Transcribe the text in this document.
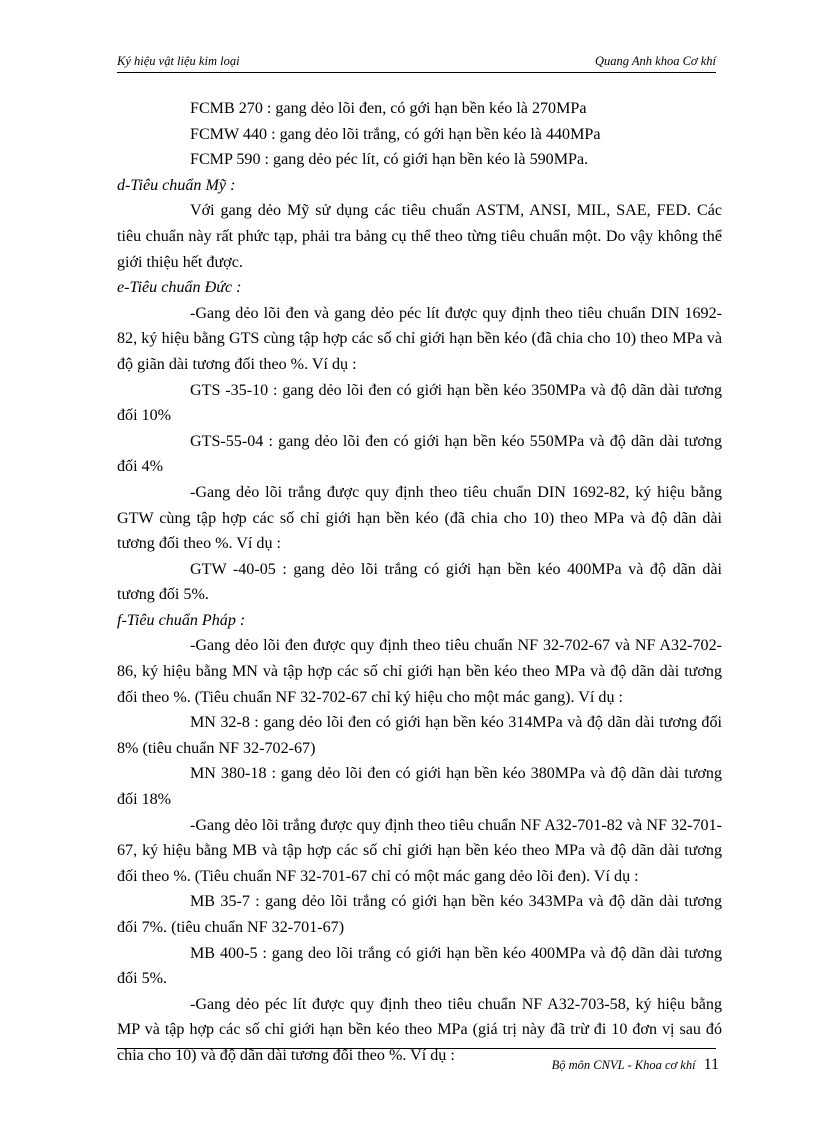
Ký hiệu vật liệu kim loại	Quang Anh khoa Cơ khí

FCMB 270 : gang dẻo lõi đen, có gới hạn bền kéo là 270MPa

FCMW 440 : gang dẻo lõi trắng, có gới hạn bền kéo là 440MPa

FCMP 590 : gang dẻo péc lít, có giới hạn bền kéo là 590MPa.

d-Tiêu chuẩn Mỹ :

Với gang dẻo Mỹ sử dụng các tiêu chuẩn ASTM, ANSI, MIL, SAE, FED. Các tiêu chuẩn này rất phức tạp, phải tra bảng cụ thể theo từng tiêu chuẩn một. Do vậy không thể giới thiệu hết được.

e-Tiêu chuẩn Đức :

-Gang dẻo lõi đen và gang dẻo péc lít được quy định theo tiêu chuẩn DIN 1692-82, ký hiệu bằng GTS cùng tập hợp các số chỉ giới hạn bền kéo (đã chia cho 10) theo MPa và độ giãn dài tương đối theo %. Ví dụ :

GTS -35-10 : gang dẻo lõi đen có giới hạn bền kéo 350MPa và độ dãn dài tương đối 10%

GTS-55-04 : gang dẻo lõi đen có giới hạn bền kéo 550MPa và độ dãn dài tương đối 4%

-Gang dẻo lõi trắng được quy định theo tiêu chuẩn DIN 1692-82, ký hiệu bằng GTW cùng tập hợp các số chỉ giới hạn bền kéo (đã chia cho 10) theo MPa và độ dãn dài tương đối theo %. Ví dụ :

GTW -40-05 : gang dẻo lõi trắng có giới hạn bền kéo 400MPa và độ dãn dài tương đối 5%.

f-Tiêu chuẩn Pháp :

-Gang dẻo lõi đen được quy định theo tiêu chuẩn NF 32-702-67 và NF A32-702-86, ký hiệu bằng MN và tập hợp các số chỉ giới hạn bền kéo theo MPa và độ dãn dài tương đối theo %. (Tiêu chuẩn NF 32-702-67 chỉ ký hiệu cho một mác gang). Ví dụ :

MN 32-8 : gang dẻo lõi đen có giới hạn bền kéo 314MPa và độ dãn dài tương đối 8% (tiêu chuẩn NF 32-702-67)

MN 380-18 : gang dẻo lõi đen có giới hạn bền kéo 380MPa và độ dãn dài tương đối 18%

-Gang dẻo lõi trắng được quy định theo tiêu chuẩn NF A32-701-82 và NF 32-701-67, ký hiệu bằng MB và tập hợp các số chỉ giới hạn bền kéo theo MPa và độ dãn dài tương đối theo %. (Tiêu chuẩn NF 32-701-67 chỉ có một mác gang dẻo lõi đen). Ví dụ :

MB 35-7 : gang dẻo lõi trắng có giới hạn bền kéo 343MPa và độ dãn dài tương đối 7%. (tiêu chuẩn NF 32-701-67)

MB 400-5 : gang deo lõi trắng có giới hạn bền kéo 400MPa và độ dãn dài tương đối 5%.

-Gang dẻo péc lít được quy định theo tiêu chuẩn NF A32-703-58, ký hiệu bằng MP và tập hợp các số chỉ giới hạn bền kéo theo MPa (giá trị này đã trừ đi 10 đơn vị sau đó chia cho 10) và độ dãn dài tương đối theo %. Ví dụ :

Bộ môn CNVL - Khoa cơ khí 11
